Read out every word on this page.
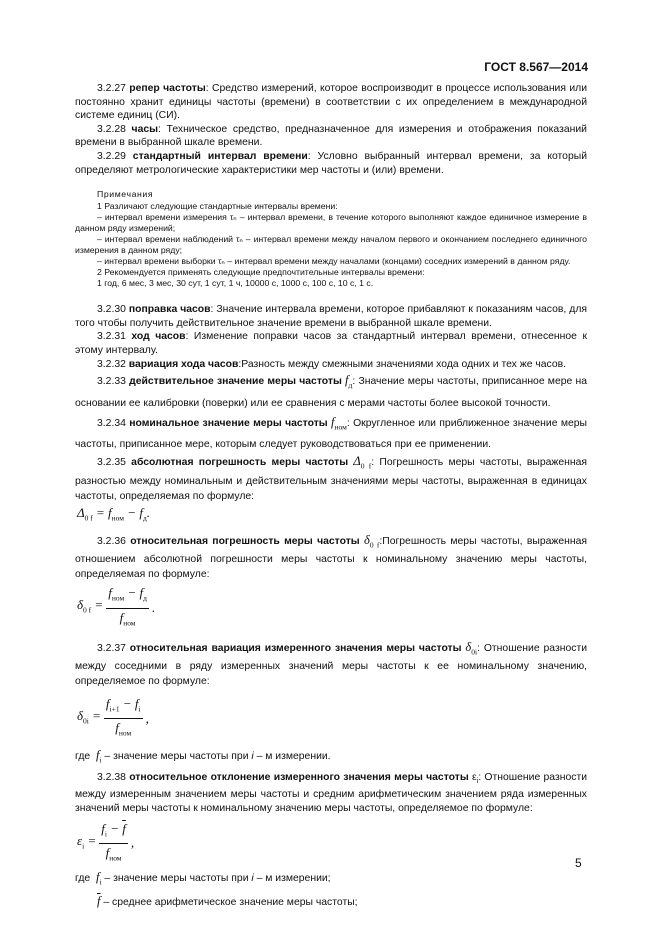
ГОСТ 8.567—2014

3.2.27 репер частоты: Средство измерений, которое воспроизводит в процессе использования или постоянно хранит единицы частоты (времени) в соответствии с их определением в международной системе единиц (СИ).

3.2.28 часы: Техническое средство, предназначенное для измерения и отображения показаний времени в выбранной шкале времени.

3.2.29 стандартный интервал времени: Условно выбранный интервал времени, за который определяют метрологические характеристики мер частоты и (или) времени.

Примечания

1 Различают следующие стандартные интервалы времени:

– интервал времени измерения τₙ – интервал времени, в течение которого выполняют каждое единичное измерение в данном ряду измерений;

– интервал времени наблюдений τₙ – интервал времени между началом первого и окончанием последнего единичного измерения в данном ряду;

– интервал времени выборки τₙ – интервал времени между началами (концами) соседних измерений в данном ряду.

2 Рекомендуется применять следующие предпочтительные интервалы времени:

1 год, 6 мес, 3 мес, 30 сут, 1 сут, 1 ч, 10000 с, 1000 с, 100 с, 10 с, 1 с.

3.2.30 поправка часов: Значение интервала времени, которое прибавляют к показаниям часов, для того чтобы получить действительное значение времени в выбранной шкале времени.

3.2.31 ход часов: Изменение поправки часов за стандартный интервал времени, отнесенное к этому интервалу.

3.2.32 вариация хода часов:Разность между смежными значениями хода одних и тех же часов.

3.2.33 действительное значение меры частоты $f_д$: Значение меры частоты, приписанное мере на основании ее калибровки (поверки) или ее сравнения с мерами частоты более высокой точности.

3.2.34 номинальное значение меры частоты $f_{ном}$: Округленное или приближенное значение меры частоты, приписанное мере, которым следует руководствоваться при ее применении.

3.2.35 абсолютная погрешность меры частоты $\Delta_{0 f}$: Погрешность меры частоты, выраженная разностью между номинальным и действительным значениями меры частоты, выраженная в единицах частоты, определяемая по формуле:

$\Delta_{0 f} = f_{ном} - f_д$.

3.2.36 относительная погрешность меры частоты $\delta_{0 f}:Погрешность$ меры частоты, выраженная отношением абсолютной погрешности меры частоты к номинальному значению меры частоты, определяемая по формуле:

$\delta_{0 f} = \frac{f_{ном} - f_д}{f_{ном}}$ .

3.2.37 относительная вариация измеренного значения меры частоты $\delta_{0i}$: Отношение разности между соседними в ряду измеренных значений меры частоты к ее номинальному значению, определяемое по формуле:

$\delta_{0i} = \frac{f_{i+1} - f_i}{f_{ном}}$ ,

где $f_i$ – значение меры частоты при i – м измерении.

3.2.38 относительное отклонение измеренного значения меры частоты $\varepsilon_i$: Отношение разности между измеренным значением меры частоты и средним арифметическим значением ряда измеренных значений меры частоты к номинальному значению меры частоты, определяемое по формуле:

$\varepsilon_i = \frac{f_i - \overline{f}}{f_{ном}}$ ,

где $f_i$ – значение меры частоты при i – м измерении;

$\overline{f}$ – среднее арифметическое значение меры частоты;

5
